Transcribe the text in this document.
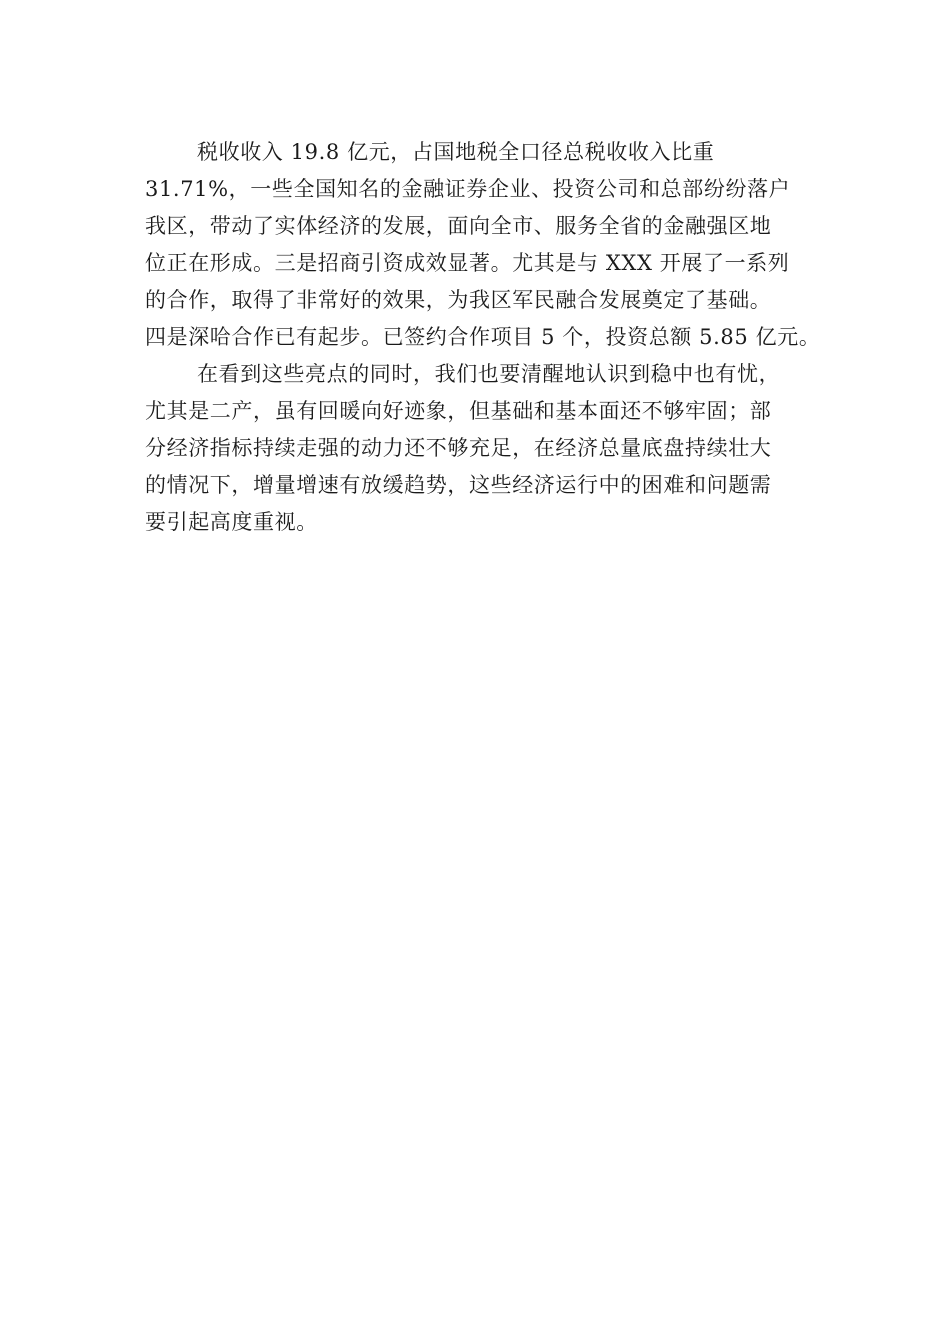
税收收入 19.8 亿元，占国地税全口径总税收收入比重
31.71%，一些全国知名的金融证券企业、投资公司和总部纷纷落户
我区，带动了实体经济的发展，面向全市、服务全省的金融强区地
位正在形成。三是招商引资成效显著。尤其是与 XXX 开展了一系列
的合作，取得了非常好的效果，为我区军民融合发展奠定了基础。
四是深哈合作已有起步。已签约合作项目 5 个，投资总额 5.85 亿元。
在看到这些亮点的同时，我们也要清醒地认识到稳中也有忧，
尤其是二产，虽有回暖向好迹象，但基础和基本面还不够牢固；部
分经济指标持续走强的动力还不够充足，在经济总量底盘持续壮大
的情况下，增量增速有放缓趋势，这些经济运行中的困难和问题需
要引起高度重视。
